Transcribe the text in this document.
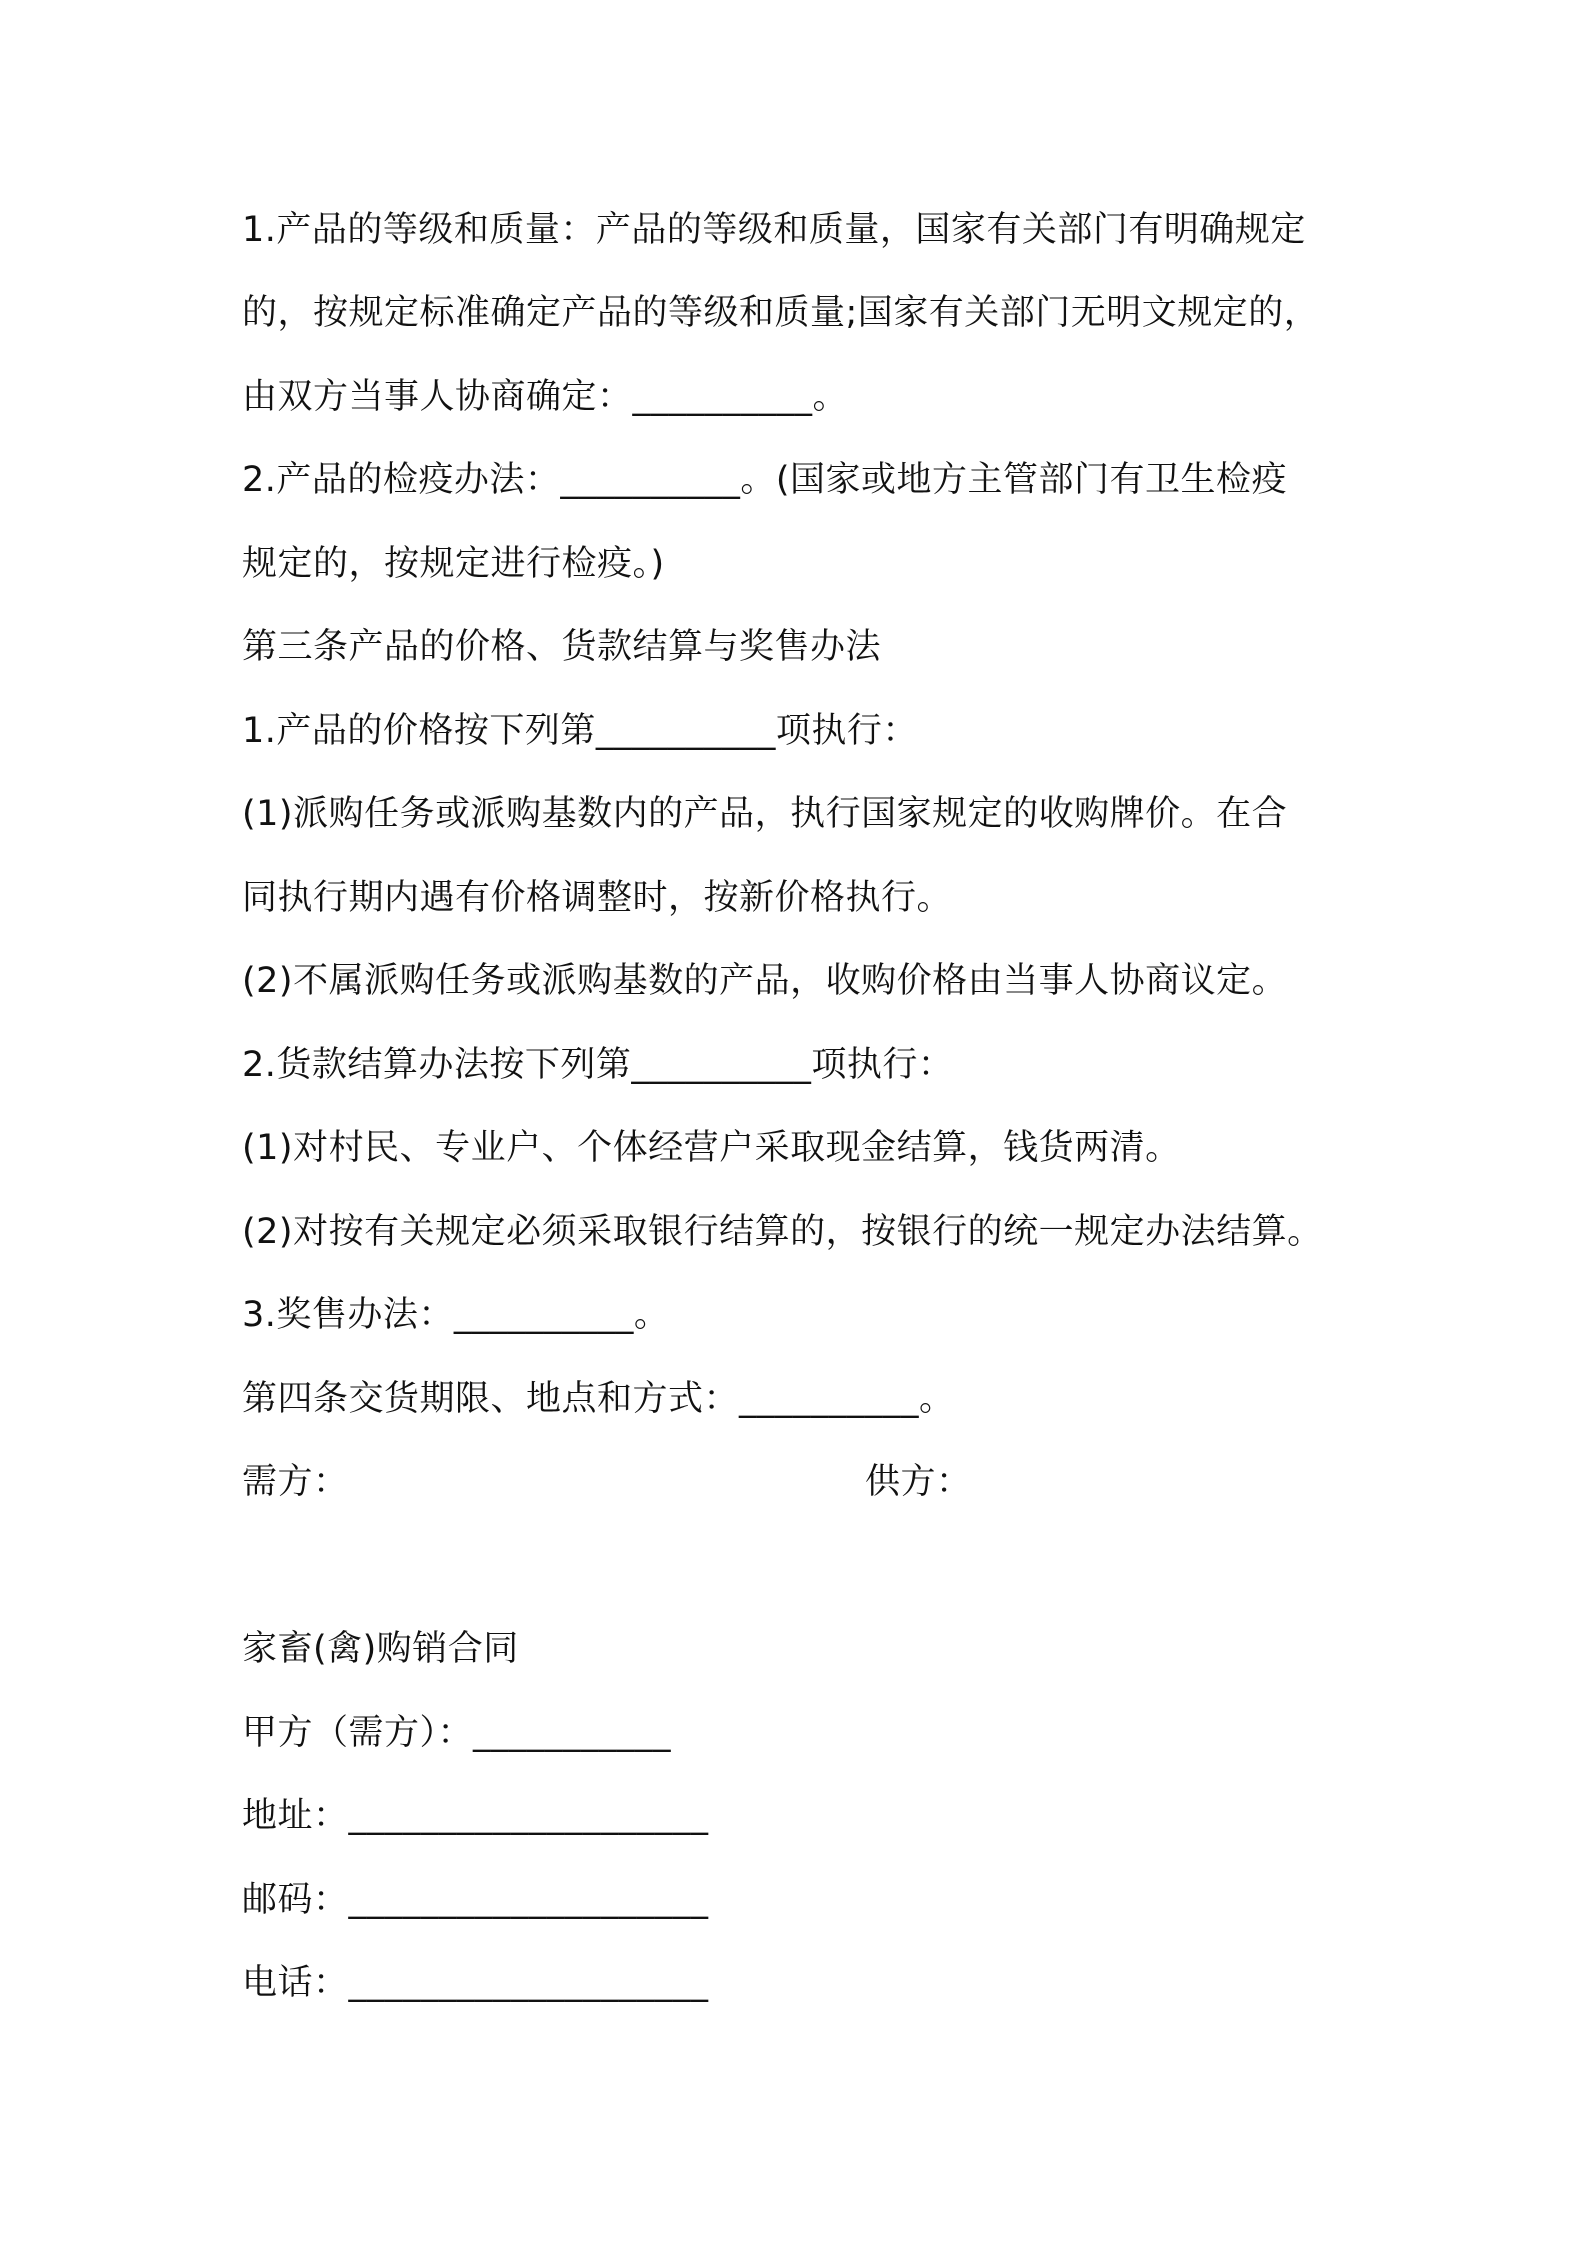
1.产品的等级和质量：产品的等级和质量，国家有关部门有明确规定
的，按规定标准确定产品的等级和质量;国家有关部门无明文规定的，
由双方当事人协商确定：__________。
2.产品的检疫办法：__________。(国家或地方主管部门有卫生检疫
规定的，按规定进行检疫。)
第三条产品的价格、货款结算与奖售办法
1.产品的价格按下列第__________项执行：
(1)派购任务或派购基数内的产品，执行国家规定的收购牌价。在合
同执行期内遇有价格调整时，按新价格执行。
(2)不属派购任务或派购基数的产品，收购价格由当事人协商议定。
2.货款结算办法按下列第__________项执行：
(1)对村民、专业户、个体经营户采取现金结算，钱货两清。
(2)对按有关规定必须采取银行结算的，按银行的统一规定办法结算。
3.奖售办法：__________。
第四条交货期限、地点和方式：__________。
需方：	供方：
家畜(禽)购销合同
甲方（需方）：___________
地址：____________________
邮码：____________________
电话：____________________
